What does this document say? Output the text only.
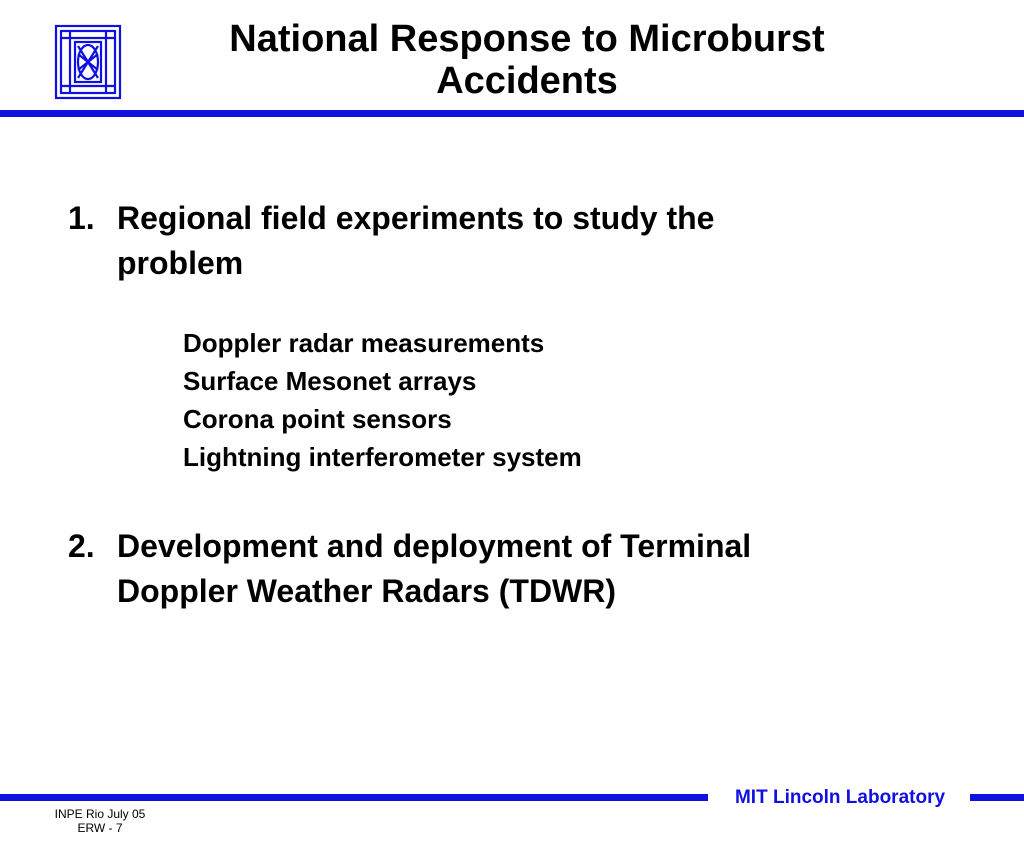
National Response to Microburst
Accidents
1. Regional field experiments to study the
problem
Doppler radar measurements
Surface Mesonet arrays
Corona point sensors
Lightning interferometer system
2. Development and deployment of Terminal
Doppler Weather Radars (TDWR)
MIT Lincoln Laboratory
INPE Rio July 05
ERW - 7
